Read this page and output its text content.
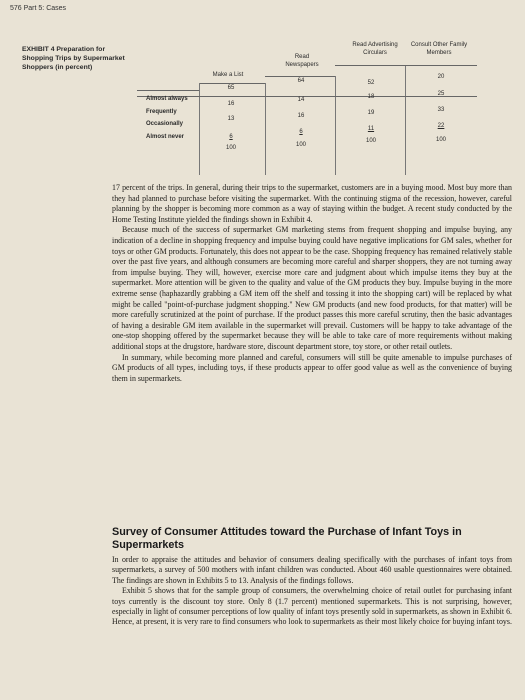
576 Part 5: Cases
EXHIBIT 4 Preparation for Shopping Trips by Supermarket Shoppers (in percent)
Make a List
Read Newspapers
Read Advertising Circulars
Consult Other Family Members
Almost always
Frequently
Occasionally
Almost never
65
16
13
6
100
64
14
16
6
100
52
18
19
11
100
20
25
33
22
100

17 percent of the trips. In general, during their trips to the supermarket, customers are in a buying mood. Most buy more than they had planned to purchase before visiting the supermarket. With the continuing stigma of the recession, however, careful planning by the shopper is becoming more common as a way of staying within the budget. A recent study conducted by the Home Testing Institute yielded the findings shown in Exhibit 4.

Because much of the success of supermarket GM marketing stems from frequent shopping and impulse buying, any indication of a decline in shopping frequency and impulse buying could have negative implications for GM sales, whether for toys or other GM products. Fortunately, this does not appear to be the case. Shopping frequency has remained relatively stable over the past five years, and although consumers are becoming more careful and sharper shoppers, they are not turning away from impulse buying. They will, however, exercise more care and judgment about which impulse items they buy at the supermarket. More attention will be given to the quality and value of the GM products they buy. Impulse buying in the more extreme sense (haphazardly grabbing a GM item off the shelf and tossing it into the shopping cart) will be replaced by what might be called "point-of-purchase judgment shopping." New GM products (and new food products, for that matter) will be more carefully scrutinized at the point of purchase. If the product passes this more careful scrutiny, then the basic advantages of having a desirable GM item available in the supermarket will prevail. Customers will be happy to take advantage of the one-stop shopping offered by the supermarket because they will be able to take care of more requirements without making additional stops at the drugstore, hardware store, discount department store, toy store, or other retail outlets.

In summary, while becoming more planned and careful, consumers will still be quite amenable to impulse purchases of GM products of all types, including toys, if these products appear to offer good value as well as the convenience of buying them in supermarkets.

Survey of Consumer Attitudes toward the Purchase of Infant Toys in Supermarkets

In order to appraise the attitudes and behavior of consumers dealing specifically with the purchases of infant toys from supermarkets, a survey of 500 mothers with infant children was conducted. About 460 usable questionnaires were obtained. The findings are shown in Exhibits 5 to 13. Analysis of the findings follows.

Exhibit 5 shows that for the sample group of consumers, the overwhelming choice of retail outlet for purchasing infant toys currently is the discount toy store. Only 8 (1.7 percent) mentioned supermarkets. This is not surprising, however, especially in light of consumer perceptions of low quality of infant toys presently sold in supermarkets, as shown in Exhibit 6. Hence, at present, it is very rare to find consumers who look to supermarkets as their most likely choice for buying infant toys.
